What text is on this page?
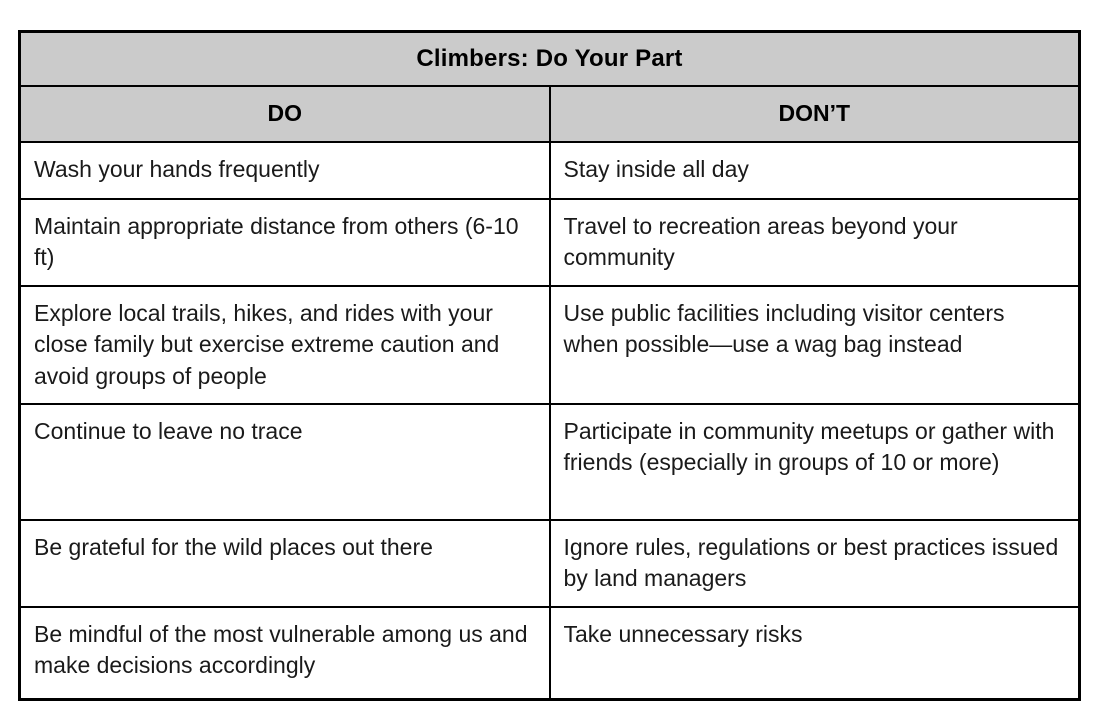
Climbers: Do Your Part	
DO	DON’T
Wash your hands frequently	Stay inside all day
Maintain appropriate distance from others (6-10 ft)	Travel to recreation areas beyond your community
Explore local trails, hikes, and rides with your close family but exercise extreme caution and avoid groups of people	Use public facilities including visitor centers when possible—use a wag bag instead
Continue to leave no trace	Participate in community meetups or gather with friends (especially in groups of 10 or more)
Be grateful for the wild places out there	Ignore rules, regulations or best practices issued by land managers
Be mindful of the most vulnerable among us and make decisions accordingly	Take unnecessary risks
